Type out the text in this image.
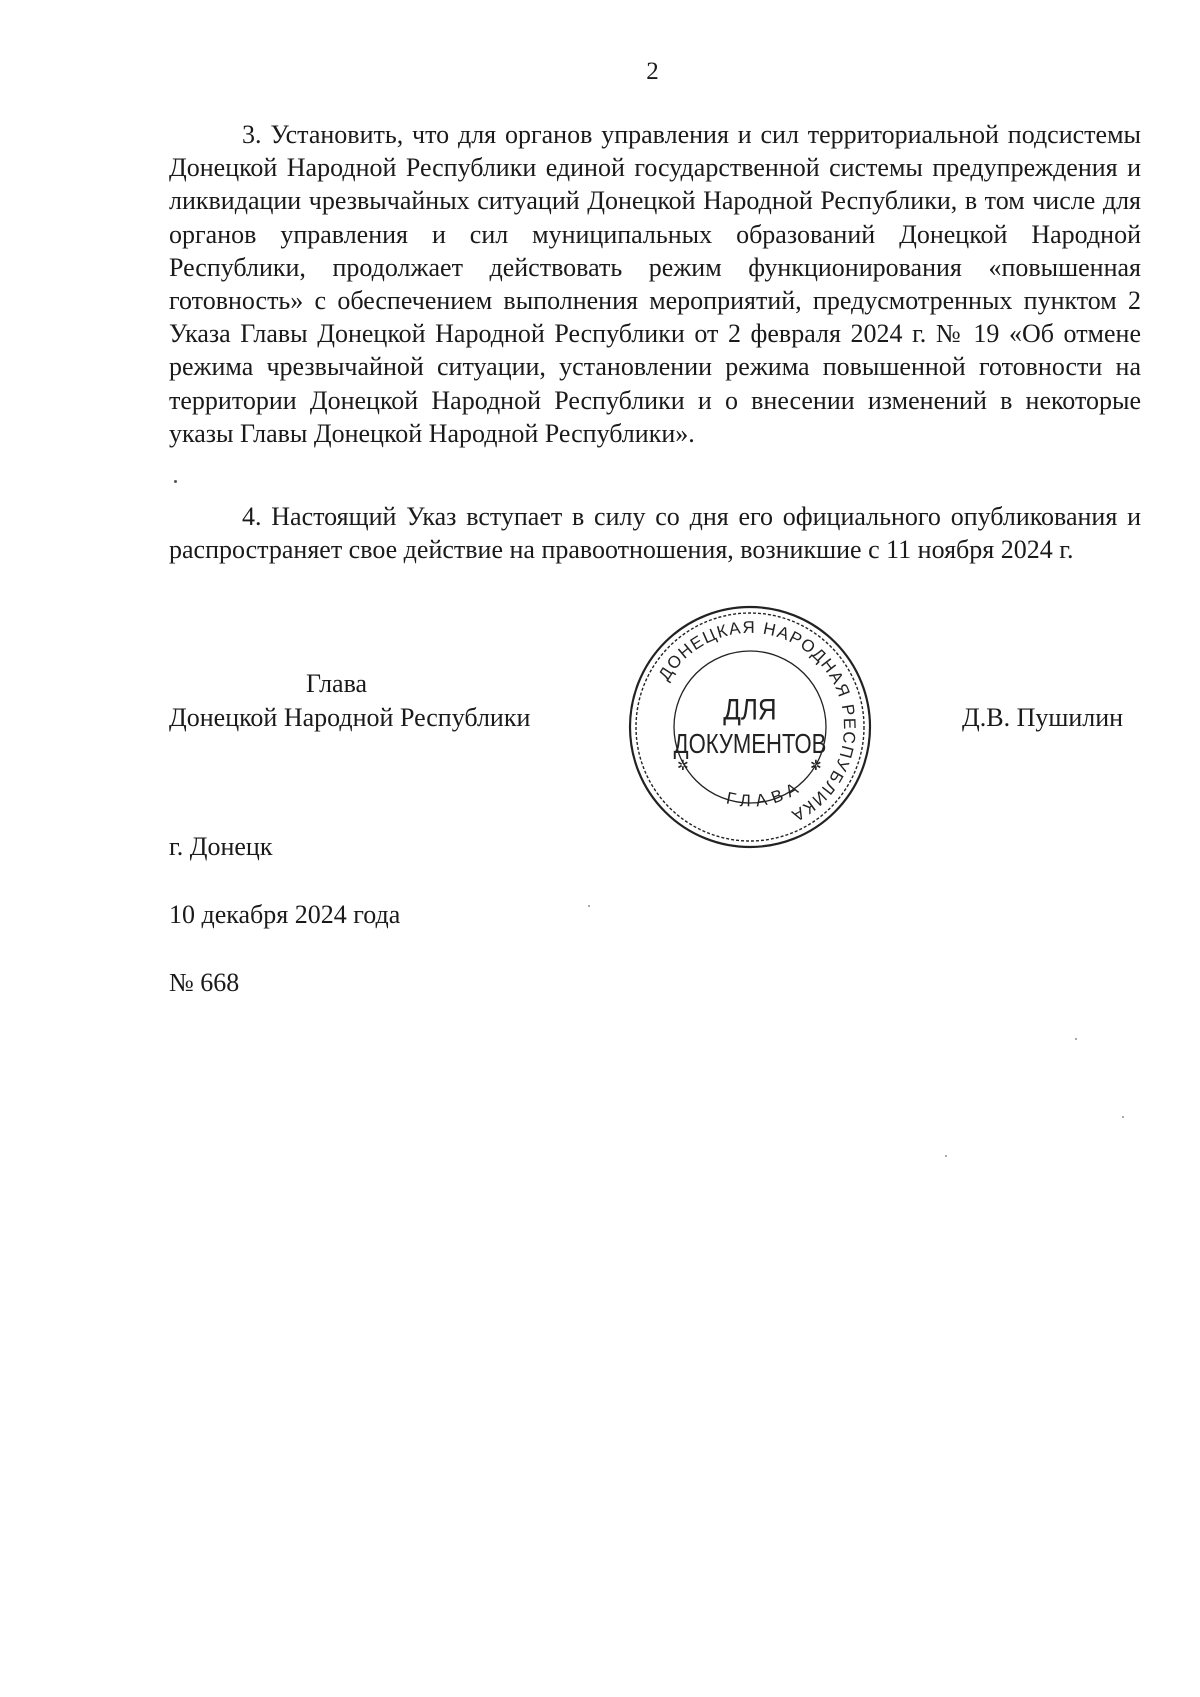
2

3. Установить, что для органов управления и сил территориальной подсистемы Донецкой Народной Республики единой государственной системы предупреждения и ликвидации чрезвычайных ситуаций Донецкой Народной Республики, в том числе для органов управления и сил муниципальных образований Донецкой Народной Республики, продолжает действовать режим функционирования «повышенная готовность» с обеспечением выполнения мероприятий, предусмотренных пунктом 2 Указа Главы Донецкой Народной Республики от 2 февраля 2024 г. № 19 «Об отмене режима чрезвычайной ситуации, установлении режима повышенной готовности на территории Донецкой Народной Республики и о внесении изменений в некоторые указы Главы Донецкой Народной Республики».

4. Настоящий Указ вступает в силу со дня его официального опубликования и распространяет свое действие на правоотношения, возникшие с 11 ноября 2024 г.

Глава
Донецкой Народной Республики
ДОНЕЦКАЯ НАРОДНАЯ РЕСПУБЛИКА
ГЛАВА
✲	✲
ДЛЯ
ДОКУМЕНТОВ
Д.В. Пушилин
г. Донецк
10 декабря 2024 года
№ 668
